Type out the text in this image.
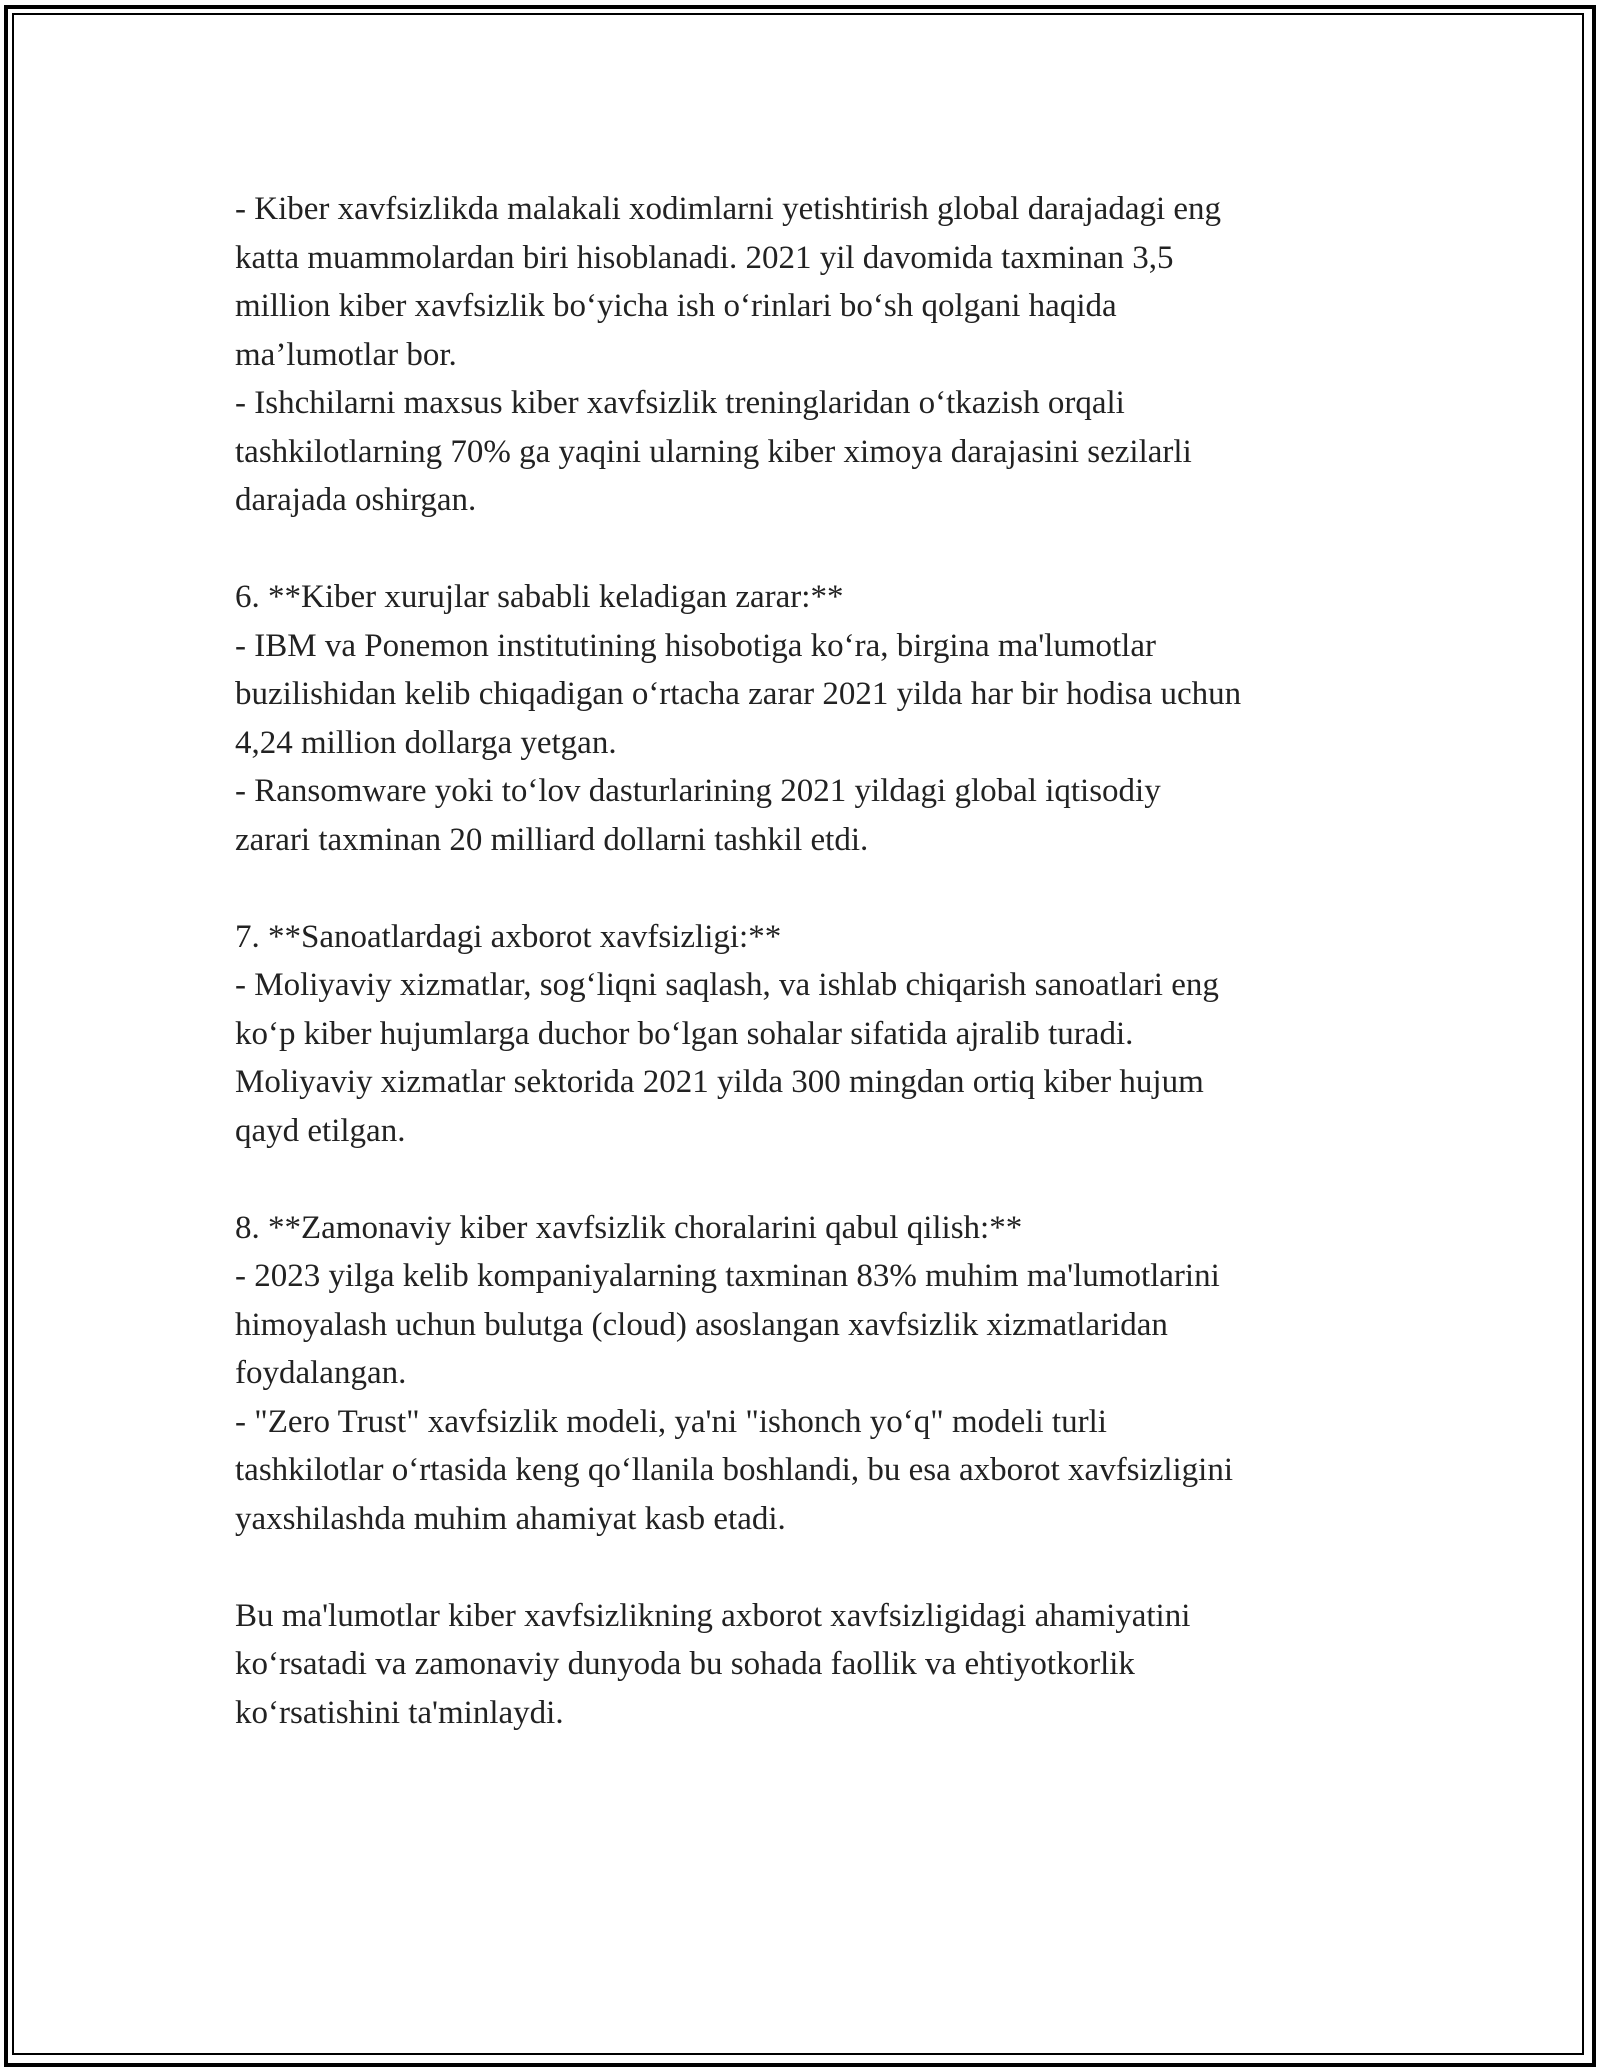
- Kiber xavfsizlikda malakali xodimlarni yetishtirish global darajadagi eng

katta muammolardan biri hisoblanadi. 2021 yil davomida taxminan 3,5

million kiber xavfsizlik bo‘yicha ish o‘rinlari bo‘sh qolgani haqida

ma’lumotlar bor.

- Ishchilarni maxsus kiber xavfsizlik treninglaridan o‘tkazish orqali

tashkilotlarning 70% ga yaqini ularning kiber ximoya darajasini sezilarli

darajada oshirgan.

6. **Kiber xurujlar sababli keladigan zarar:**

- IBM va Ponemon institutining hisobotiga ko‘ra, birgina ma'lumotlar

buzilishidan kelib chiqadigan o‘rtacha zarar 2021 yilda har bir hodisa uchun

4,24 million dollarga yetgan.

- Ransomware yoki to‘lov dasturlarining 2021 yildagi global iqtisodiy

zarari taxminan 20 milliard dollarni tashkil etdi.

7. **Sanoatlardagi axborot xavfsizligi:**

- Moliyaviy xizmatlar, sog‘liqni saqlash, va ishlab chiqarish sanoatlari eng

ko‘p kiber hujumlarga duchor bo‘lgan sohalar sifatida ajralib turadi.

Moliyaviy xizmatlar sektorida 2021 yilda 300 mingdan ortiq kiber hujum

qayd etilgan.

8. **Zamonaviy kiber xavfsizlik choralarini qabul qilish:**

- 2023 yilga kelib kompaniyalarning taxminan 83% muhim ma'lumotlarini

himoyalash uchun bulutga (cloud) asoslangan xavfsizlik xizmatlaridan

foydalangan.

- "Zero Trust" xavfsizlik modeli, ya'ni "ishonch yo‘q" modeli turli

tashkilotlar o‘rtasida keng qo‘llanila boshlandi, bu esa axborot xavfsizligini

yaxshilashda muhim ahamiyat kasb etadi.

Bu ma'lumotlar kiber xavfsizlikning axborot xavfsizligidagi ahamiyatini

ko‘rsatadi va zamonaviy dunyoda bu sohada faollik va ehtiyotkorlik

ko‘rsatishini ta'minlaydi.
